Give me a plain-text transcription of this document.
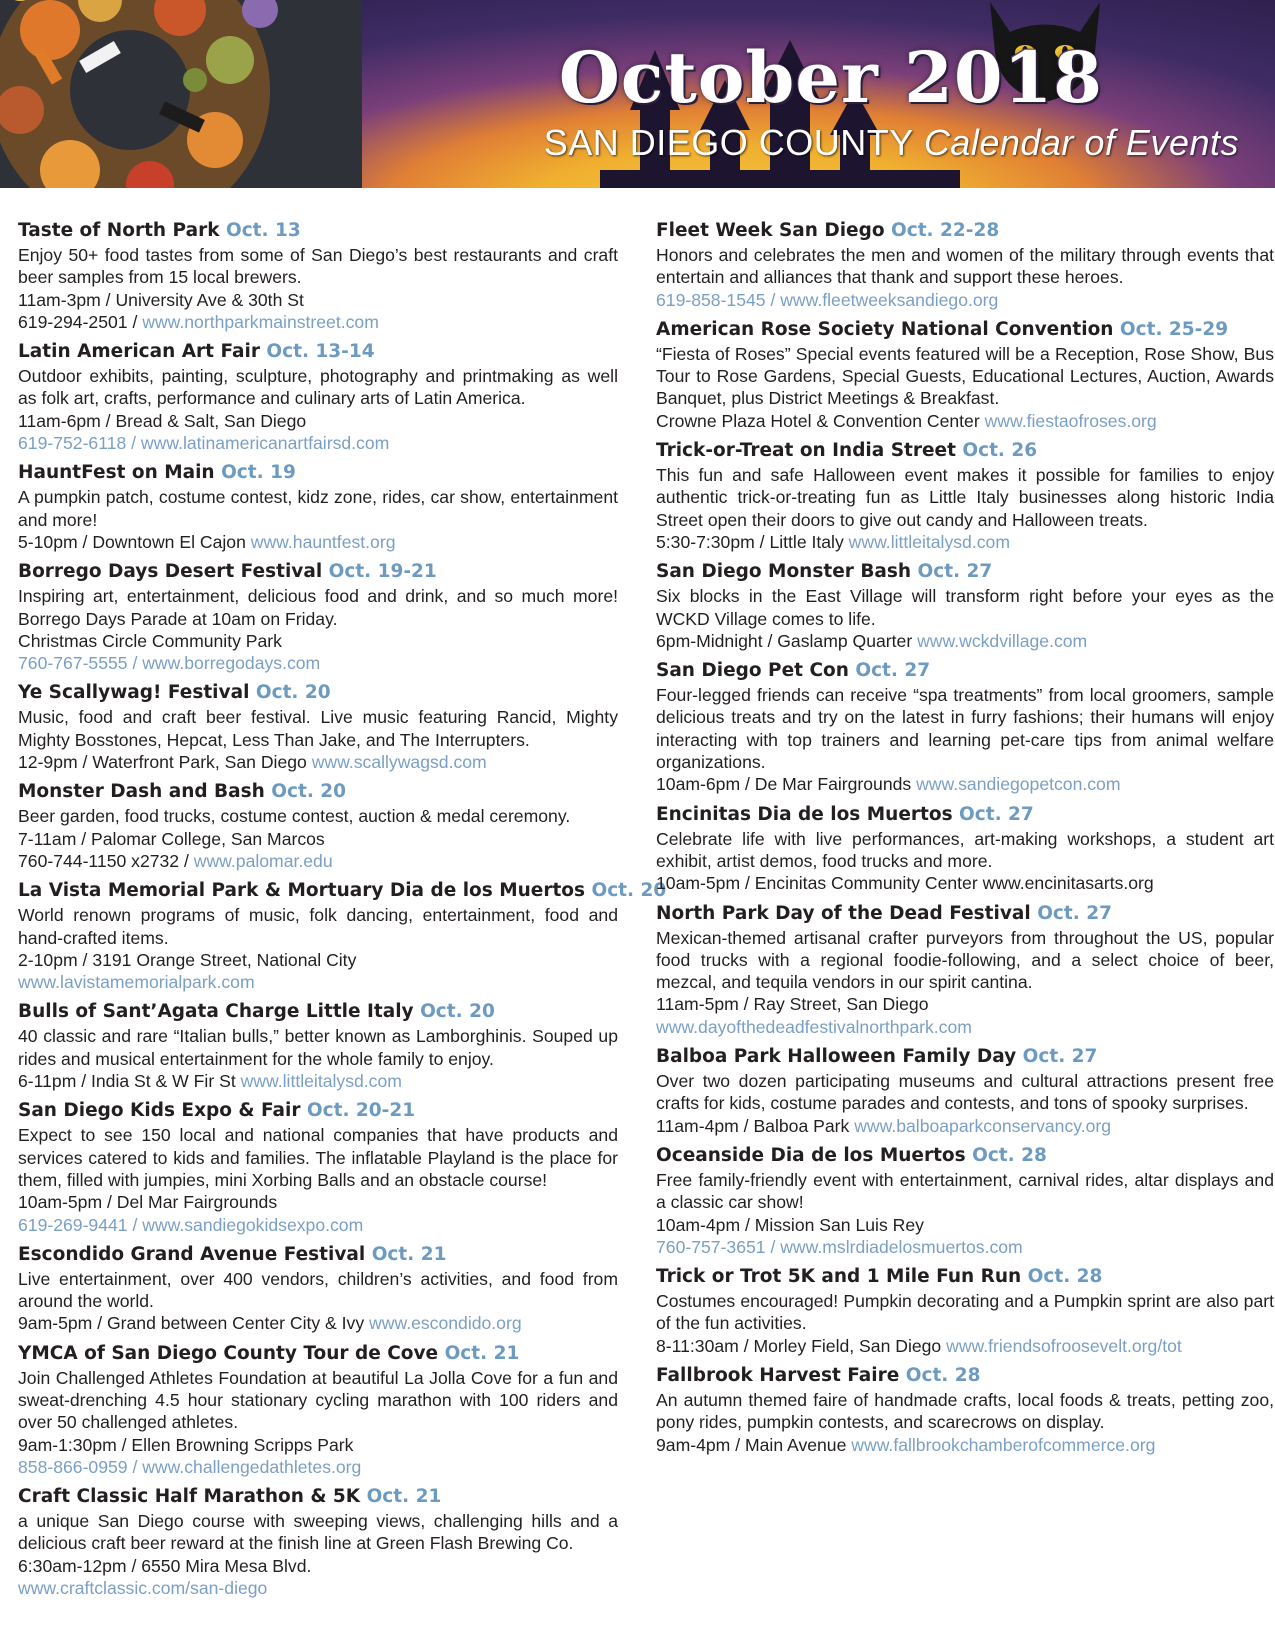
October 2018
SAN DIEGO COUNTY Calendar of Events
Taste of North Park Oct. 13
Enjoy 50+ food tastes from some of San Diego’s best restaurants and craft beer samples from 15 local brewers.
11am-3pm / University Ave & 30th St
619-294-2501 / www.northparkmainstreet.com
Latin American Art Fair Oct. 13-14
Outdoor exhibits, painting, sculpture, photography and printmaking as well as folk art, crafts, performance and culinary arts of Latin America.
11am-6pm / Bread & Salt, San Diego
619-752-6118 / www.latinamericanartfairsd.com
HauntFest on Main Oct. 19
A pumpkin patch, costume contest, kidz zone, rides, car show, entertainment and more!
5-10pm / Downtown El Cajon www.hauntfest.org
Borrego Days Desert Festival Oct. 19-21
Inspiring art, entertainment, delicious food and drink, and so much more! Borrego Days Parade at 10am on Friday.
Christmas Circle Community Park
760-767-5555 / www.borregodays.com
Ye Scallywag! Festival Oct. 20
Music, food and craft beer festival. Live music featuring Rancid, Mighty Mighty Bosstones, Hepcat, Less Than Jake, and The Interrupters.
12-9pm / Waterfront Park, San Diego www.scallywagsd.com
Monster Dash and Bash Oct. 20
Beer garden, food trucks, costume contest, auction & medal ceremony.
7-11am / Palomar College, San Marcos
760-744-1150 x2732 / www.palomar.edu
La Vista Memorial Park & Mortuary Dia de los Muertos Oct. 20
World renown programs of music, folk dancing, entertainment, food and hand-crafted items.
2-10pm / 3191 Orange Street, National City
www.lavistamemorialpark.com
Bulls of Sant’Agata Charge Little Italy Oct. 20
40 classic and rare “Italian bulls,” better known as Lamborghinis. Souped up rides and musical entertainment for the whole family to enjoy.
6-11pm / India St & W Fir St www.littleitalysd.com
San Diego Kids Expo & Fair Oct. 20-21
Expect to see 150 local and national companies that have products and services catered to kids and families. The inflatable Playland is the place for them, filled with jumpies, mini Xorbing Balls and an obstacle course!
10am-5pm / Del Mar Fairgrounds
619-269-9441 / www.sandiegokidsexpo.com
Escondido Grand Avenue Festival Oct. 21
Live entertainment, over 400 vendors, children’s activities, and food from around the world.
9am-5pm / Grand between Center City & Ivy www.escondido.org
YMCA of San Diego County Tour de Cove Oct. 21
Join Challenged Athletes Foundation at beautiful La Jolla Cove for a fun and sweat-drenching 4.5 hour stationary cycling marathon with 100 riders and over 50 challenged athletes.
9am-1:30pm / Ellen Browning Scripps Park
858-866-0959 / www.challengedathletes.org
Craft Classic Half Marathon & 5K Oct. 21
a unique San Diego course with sweeping views, challenging hills and a delicious craft beer reward at the finish line at Green Flash Brewing Co.
6:30am-12pm / 6550 Mira Mesa Blvd.
www.craftclassic.com/san-diego
Fleet Week San Diego Oct. 22-28
Honors and celebrates the men and women of the military through events that entertain and alliances that thank and support these heroes.
619-858-1545 / www.fleetweeksandiego.org
American Rose Society National Convention Oct. 25-29
“Fiesta of Roses” Special events featured will be a Reception, Rose Show, Bus Tour to Rose Gardens, Special Guests, Educational Lectures, Auction, Awards Banquet, plus District Meetings & Breakfast.
Crowne Plaza Hotel & Convention Center www.fiestaofroses.org
Trick-or-Treat on India Street Oct. 26
This fun and safe Halloween event makes it possible for families to enjoy authentic trick-or-treating fun as Little Italy businesses along historic India Street open their doors to give out candy and Halloween treats.
5:30-7:30pm / Little Italy www.littleitalysd.com
San Diego Monster Bash Oct. 27
Six blocks in the East Village will transform right before your eyes as the WCKD Village comes to life.
6pm-Midnight / Gaslamp Quarter www.wckdvillage.com
San Diego Pet Con Oct. 27
Four-legged friends can receive “spa treatments” from local groomers, sample delicious treats and try on the latest in furry fashions; their humans will enjoy interacting with top trainers and learning pet-care tips from animal welfare organizations.
10am-6pm / De Mar Fairgrounds www.sandiegopetcon.com
Encinitas Dia de los Muertos Oct. 27
Celebrate life with live performances, art-making workshops, a student art exhibit, artist demos, food trucks and more.
10am-5pm / Encinitas Community Center www.encinitasarts.org
North Park Day of the Dead Festival Oct. 27
Mexican-themed artisanal crafter purveyors from throughout the US, popular food trucks with a regional foodie-following, and a select choice of beer, mezcal, and tequila vendors in our spirit cantina.
11am-5pm / Ray Street, San Diego
www.dayofthedeadfestivalnorthpark.com
Balboa Park Halloween Family Day Oct. 27
Over two dozen participating museums and cultural attractions present free crafts for kids, costume parades and contests, and tons of spooky surprises.
11am-4pm / Balboa Park www.balboaparkconservancy.org
Oceanside Dia de los Muertos Oct. 28
Free family-friendly event with entertainment, carnival rides, altar displays and a classic car show!
10am-4pm / Mission San Luis Rey
760-757-3651 / www.mslrdiadelosmuertos.com
Trick or Trot 5K and 1 Mile Fun Run Oct. 28
Costumes encouraged! Pumpkin decorating and a Pumpkin sprint are also part of the fun activities.
8-11:30am / Morley Field, San Diego www.friendsofroosevelt.org/tot
Fallbrook Harvest Faire Oct. 28
An autumn themed faire of handmade crafts, local foods & treats, petting zoo, pony rides, pumpkin contests, and scarecrows on display.
9am-4pm / Main Avenue www.fallbrookchamberofcommerce.org
